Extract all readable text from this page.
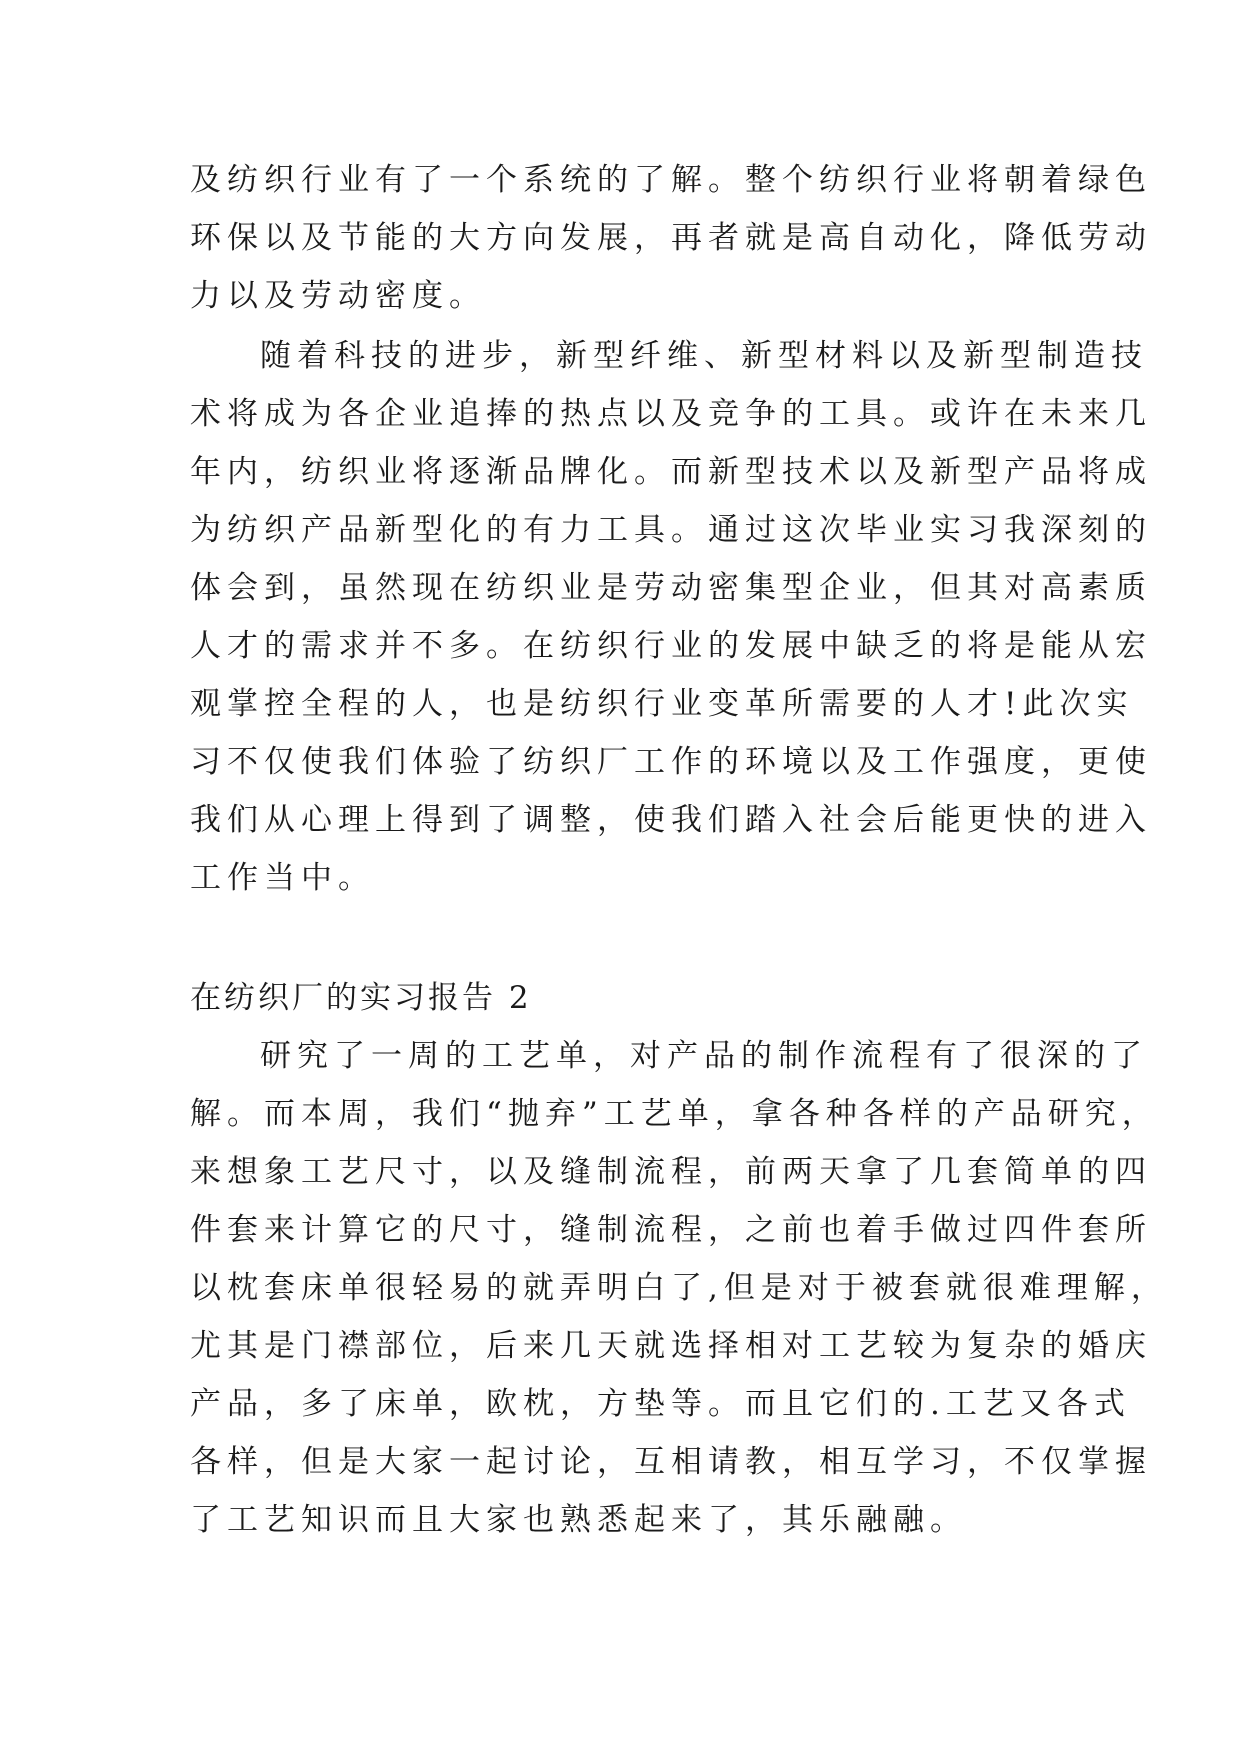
及纺织行业有了一个系统的了解。整个纺织行业将朝着绿色
环保以及节能的大方向发展，再者就是高自动化，降低劳动
力以及劳动密度。
随着科技的进步，新型纤维、新型材料以及新型制造技
术将成为各企业追捧的热点以及竞争的工具。或许在未来几
年内，纺织业将逐渐品牌化。而新型技术以及新型产品将成
为纺织产品新型化的有力工具。通过这次毕业实习我深刻的
体会到，虽然现在纺织业是劳动密集型企业，但其对高素质
人才的需求并不多。在纺织行业的发展中缺乏的将是能从宏
观掌控全程的人，也是纺织行业变革所需要的人才!此次实
习不仅使我们体验了纺织厂工作的环境以及工作强度，更使
我们从心理上得到了调整，使我们踏入社会后能更快的进入
工作当中。
在纺织厂的实习报告 2
研究了一周的工艺单，对产品的制作流程有了很深的了
解。而本周，我们“抛弃”工艺单，拿各种各样的产品研究，
来想象工艺尺寸，以及缝制流程，前两天拿了几套简单的四
件套来计算它的尺寸，缝制流程，之前也着手做过四件套所
以枕套床单很轻易的就弄明白了,但是对于被套就很难理解，
尤其是门襟部位，后来几天就选择相对工艺较为复杂的婚庆
产品，多了床单，欧枕，方垫等。而且它们的.工艺又各式
各样，但是大家一起讨论，互相请教，相互学习，不仅掌握
了工艺知识而且大家也熟悉起来了，其乐融融。
